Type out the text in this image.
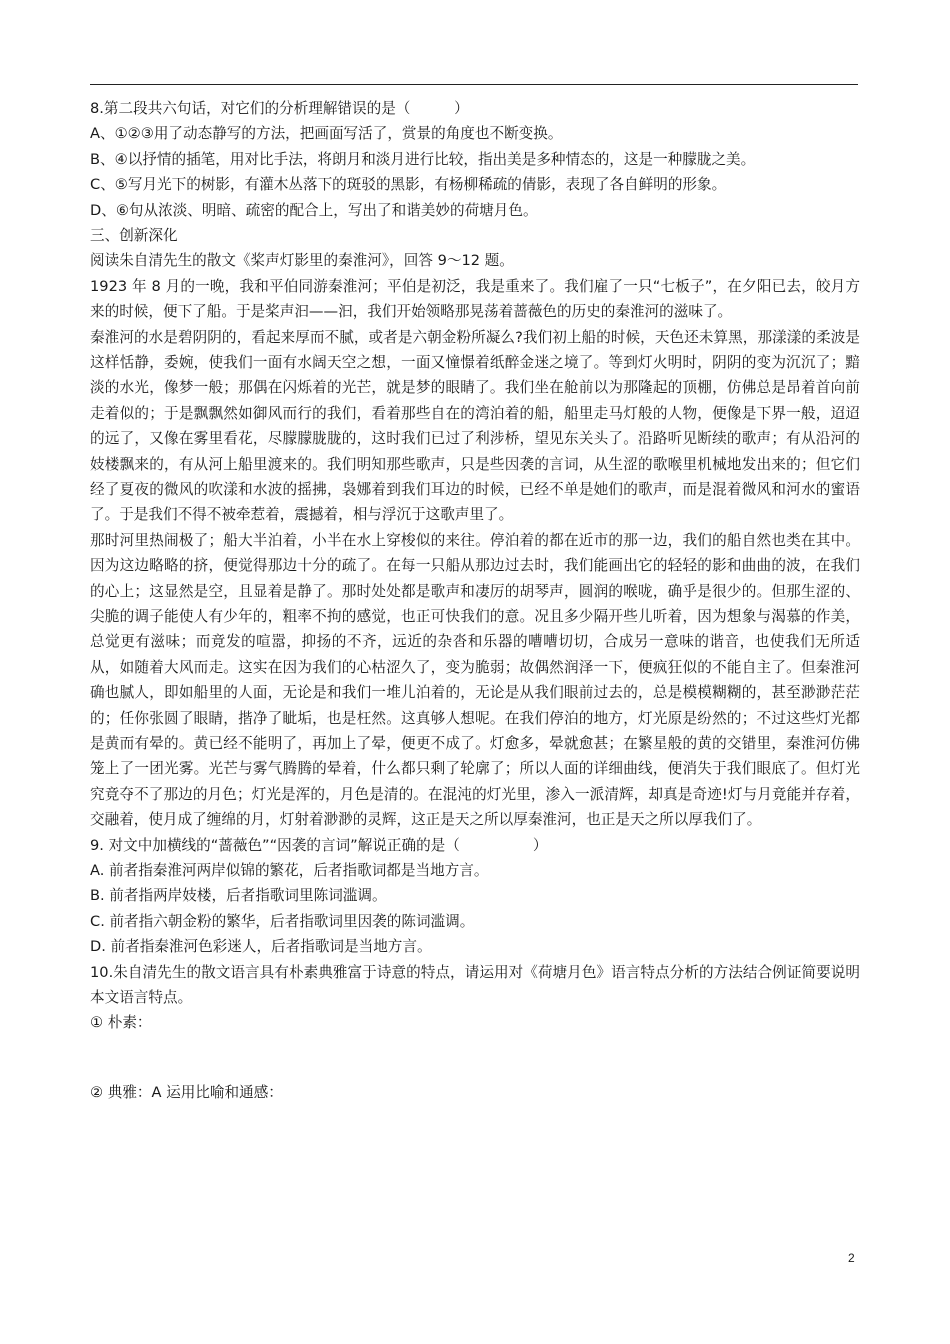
8.第二段共六句话，对它们的分析理解错误的是（　　　）
A、①②③用了动态静写的方法，把画面写活了，赏景的角度也不断变换。
B、④以抒情的插笔，用对比手法，将朗月和淡月进行比较，指出美是多种情态的，这是一种朦胧之美。
C、⑤写月光下的树影，有灌木丛落下的斑驳的黑影，有杨柳稀疏的倩影，表现了各自鲜明的形象。
D、⑥句从浓淡、明暗、疏密的配合上，写出了和谐美妙的荷塘月色。
三、创新深化
阅读朱自清先生的散文《桨声灯影里的秦淮河》，回答 9～12 题。
1923 年 8 月的一晚，我和平伯同游秦淮河；平伯是初泛，我是重来了。我们雇了一只“七板子”，在夕阳已去，皎月方来的时候，便下了船。于是桨声汩——汩，我们开始领略那晃荡着蔷薇色的历史的秦淮河的滋味了。
秦淮河的水是碧阴阴的，看起来厚而不腻，或者是六朝金粉所凝么?我们初上船的时候，天色还未算黑，那漾漾的柔波是这样恬静，委婉，使我们一面有水阔天空之想，一面又憧憬着纸醉金迷之境了。等到灯火明时，阴阴的变为沉沉了；黯淡的水光，像梦一般；那偶在闪烁着的光芒，就是梦的眼睛了。我们坐在舱前以为那隆起的顶棚，仿佛总是昂着首向前走着似的；于是飘飘然如御风而行的我们，看着那些自在的湾泊着的船，船里走马灯般的人物，便像是下界一般，迢迢的远了，又像在雾里看花，尽朦朦胧胧的，这时我们已过了利涉桥，望见东关头了。沿路听见断续的歌声；有从沿河的妓楼飘来的，有从河上船里渡来的。我们明知那些歌声，只是些因袭的言词，从生涩的歌喉里机械地发出来的；但它们经了夏夜的微风的吹漾和水波的摇拂，袅娜着到我们耳边的时候，已经不单是她们的歌声，而是混着微风和河水的蜜语了。于是我们不得不被牵惹着，震撼着，相与浮沉于这歌声里了。
那时河里热闹极了；船大半泊着，小半在水上穿梭似的来往。停泊着的都在近市的那一边，我们的船自然也类在其中。因为这边略略的挤，便觉得那边十分的疏了。在每一只船从那边过去时，我们能画出它的轻轻的影和曲曲的波，在我们的心上；这显然是空，且显着是静了。那时处处都是歌声和凄厉的胡琴声，圆润的喉咙，确乎是很少的。但那生涩的、尖脆的调子能使人有少年的，粗率不拘的感觉，也正可快我们的意。况且多少隔开些儿听着，因为想象与渴慕的作美，总觉更有滋味；而竟发的喧嚣，抑扬的不齐，远近的杂沓和乐器的嘈嘈切切，合成另一意味的谐音，也使我们无所适从，如随着大风而走。这实在因为我们的心枯涩久了，变为脆弱；故偶然润泽一下，便疯狂似的不能自主了。但秦淮河确也腻人，即如船里的人面，无论是和我们一堆儿泊着的，无论是从我们眼前过去的，总是模模糊糊的，甚至渺渺茫茫的；任你张圆了眼睛，揩净了眦垢，也是枉然。这真够人想呢。在我们停泊的地方，灯光原是纷然的；不过这些灯光都是黄而有晕的。黄已经不能明了，再加上了晕，便更不成了。灯愈多，晕就愈甚；在繁星般的黄的交错里，秦淮河仿佛笼上了一团光雾。光芒与雾气腾腾的晕着，什么都只剩了轮廓了；所以人面的详细曲线，便消失于我们眼底了。但灯光究竟夺不了那边的月色；灯光是浑的，月色是清的。在混沌的灯光里，渗入一派清辉，却真是奇迹!灯与月竟能并存着，交融着，使月成了缠绵的月，灯射着渺渺的灵辉，这正是天之所以厚秦淮河，也正是天之所以厚我们了。
9. 对文中加横线的“蔷薇色”“因袭的言词”解说正确的是（　　　　　）
A. 前者指秦淮河两岸似锦的繁花，后者指歌词都是当地方言。
B. 前者指两岸妓楼，后者指歌词里陈词滥调。
C. 前者指六朝金粉的繁华，后者指歌词里因袭的陈词滥调。
D. 前者指秦淮河色彩迷人，后者指歌词是当地方言。
10.朱自清先生的散文语言具有朴素典雅富于诗意的特点，请运用对《荷塘月色》语言特点分析的方法结合例证简要说明本文语言特点。
① 朴素：
② 典雅：A 运用比喻和通感：
2
